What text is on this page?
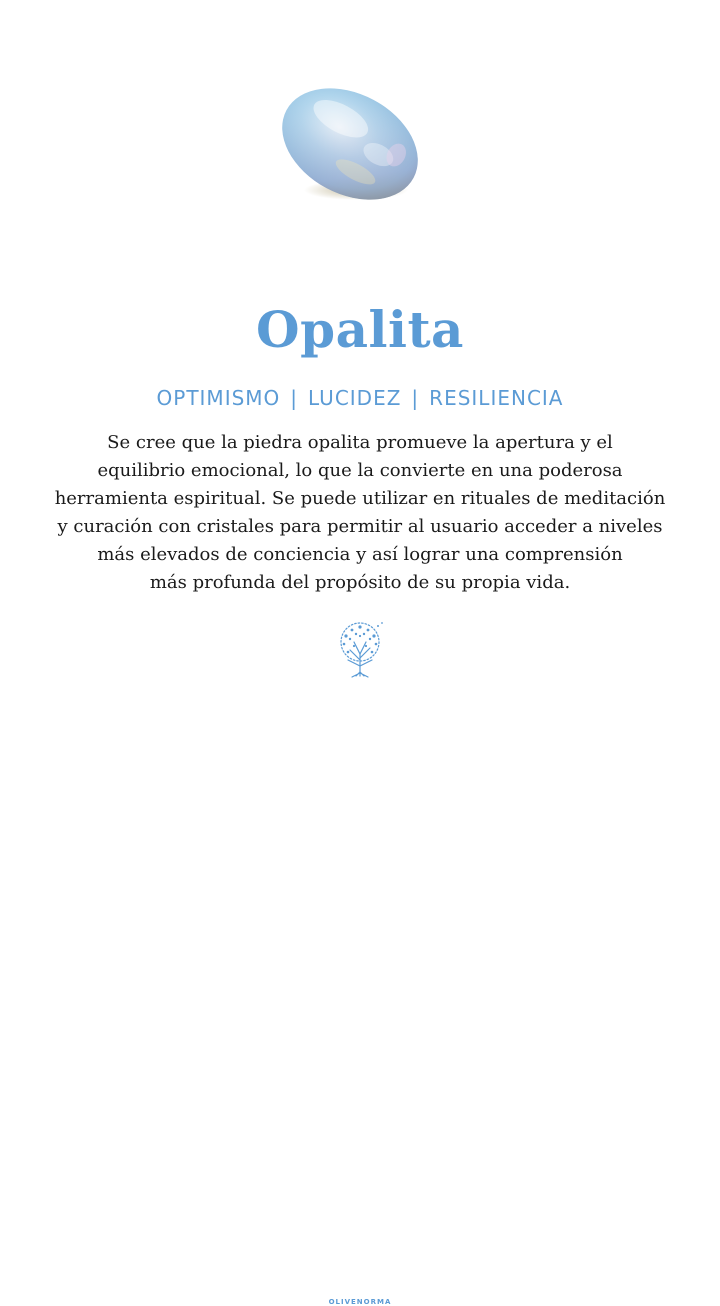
Opalita
OPTIMISMO | LUCIDEZ | RESILIENCIA
Se cree que la piedra opalita promueve la apertura y el
equilibrio emocional, lo que la convierte en una poderosa
herramienta espiritual. Se puede utilizar en rituales de meditación
y curación con cristales para permitir al usuario acceder a niveles
más elevados de conciencia y así lograr una comprensión
más profunda del propósito de su propia vida.
OLIVENORMA
